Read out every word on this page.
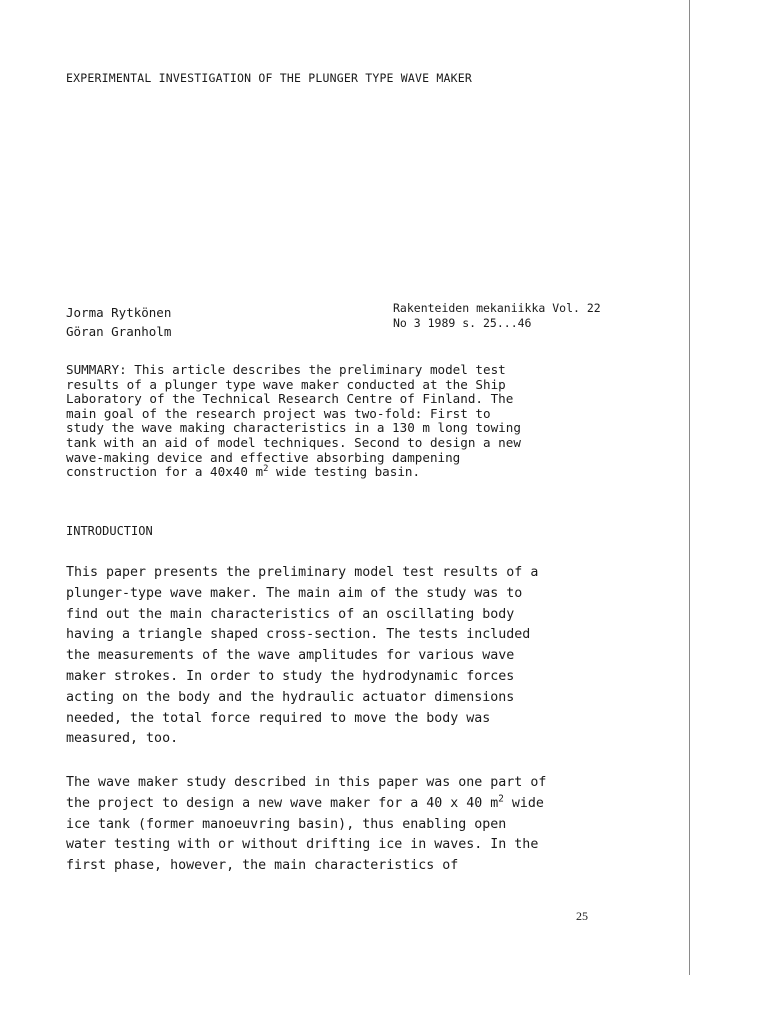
EXPERIMENTAL INVESTIGATION OF THE PLUNGER TYPE WAVE MAKER
Jorma Rytkönen
Göran Granholm
Rakenteiden mekaniikka Vol. 22
No 3 1989 s. 25...46
SUMMARY: This article describes the preliminary model test
results of a plunger type wave maker conducted at the Ship
Laboratory of the Technical Research Centre of Finland. The
main goal of the research project was two-fold: First to
study the wave making characteristics in a 130 m long towing
tank with an aid of model techniques. Second to design a new
wave-making device and effective absorbing dampening
construction for a 40x40 $m^2$ wide testing basin.
INTRODUCTION
This paper presents the preliminary model test results of a
plunger-type wave maker. The main aim of the study was to
find out the main characteristics of an oscillating body
having a triangle shaped cross-section. The tests included
the measurements of the wave amplitudes for various wave
maker strokes. In order to study the hydrodynamic forces
acting on the body and the hydraulic actuator dimensions
needed, the total force required to move the body was
measured, too.
The wave maker study described in this paper was one part of
the project to design a new wave maker for a 40 x 40 $m^2$ wide
ice tank (former manoeuvring basin), thus enabling open
water testing with or without drifting ice in waves. In the
first phase, however, the main characteristics of
25
